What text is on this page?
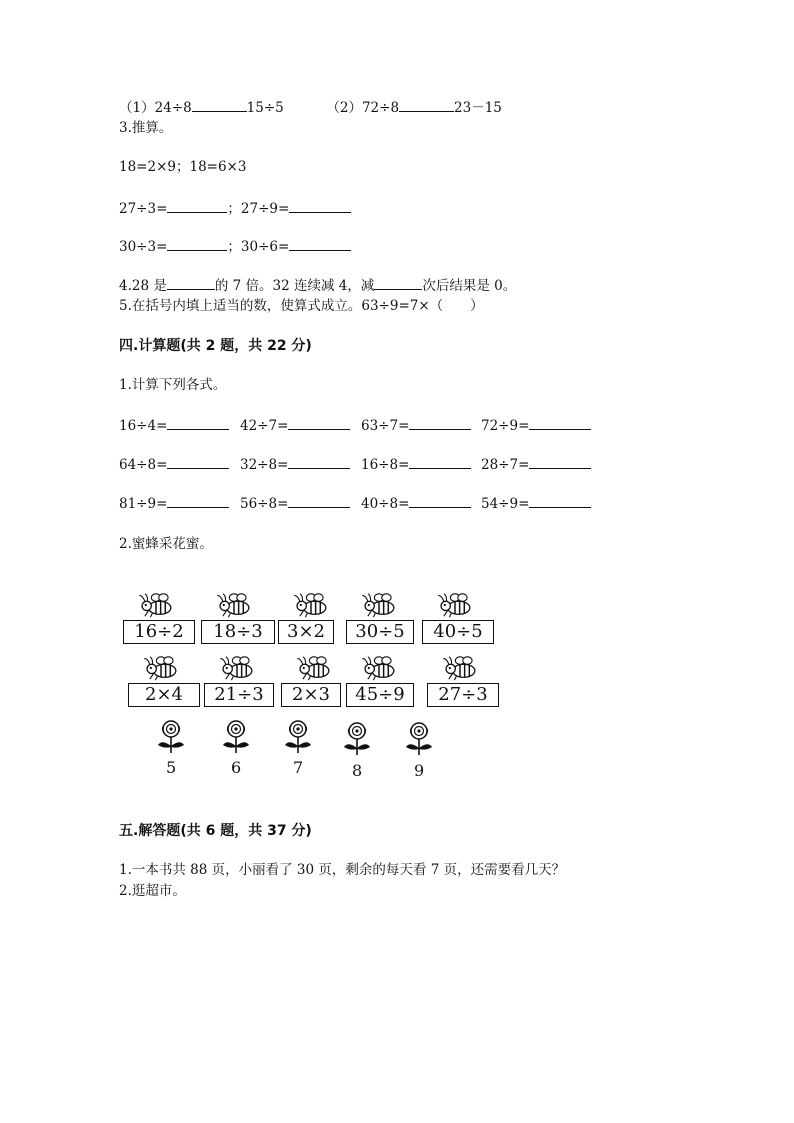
（1）24÷8	15÷5	（2）72÷8	23－15
3.推算。
18=2×9；18=6×3
27÷3=	；27÷9=
30÷3=	；30÷6=
4.28 是	的 7 倍。32 连续减 4，减	次后结果是 0。
5.在括号内填上适当的数，使算式成立。63÷9=7×（　　）
四.计算题(共 2 题，共 22 分)
1.计算下列各式。
16÷4=	42÷7=	63÷7=	72÷9=
64÷8=	32÷8=	16÷8=	28÷7=
81÷9=	56÷8=	40÷8=	54÷9=
2.蜜蜂采花蜜。
16÷2	18÷3	3×2	30÷5	40÷5
2×4	21÷3	2×3	45÷9	27÷3
5	6	7	8	9
五.解答题(共 6 题，共 37 分)
1.一本书共 88 页，小丽看了 30 页，剩余的每天看 7 页，还需要看几天？
2.逛超市。
